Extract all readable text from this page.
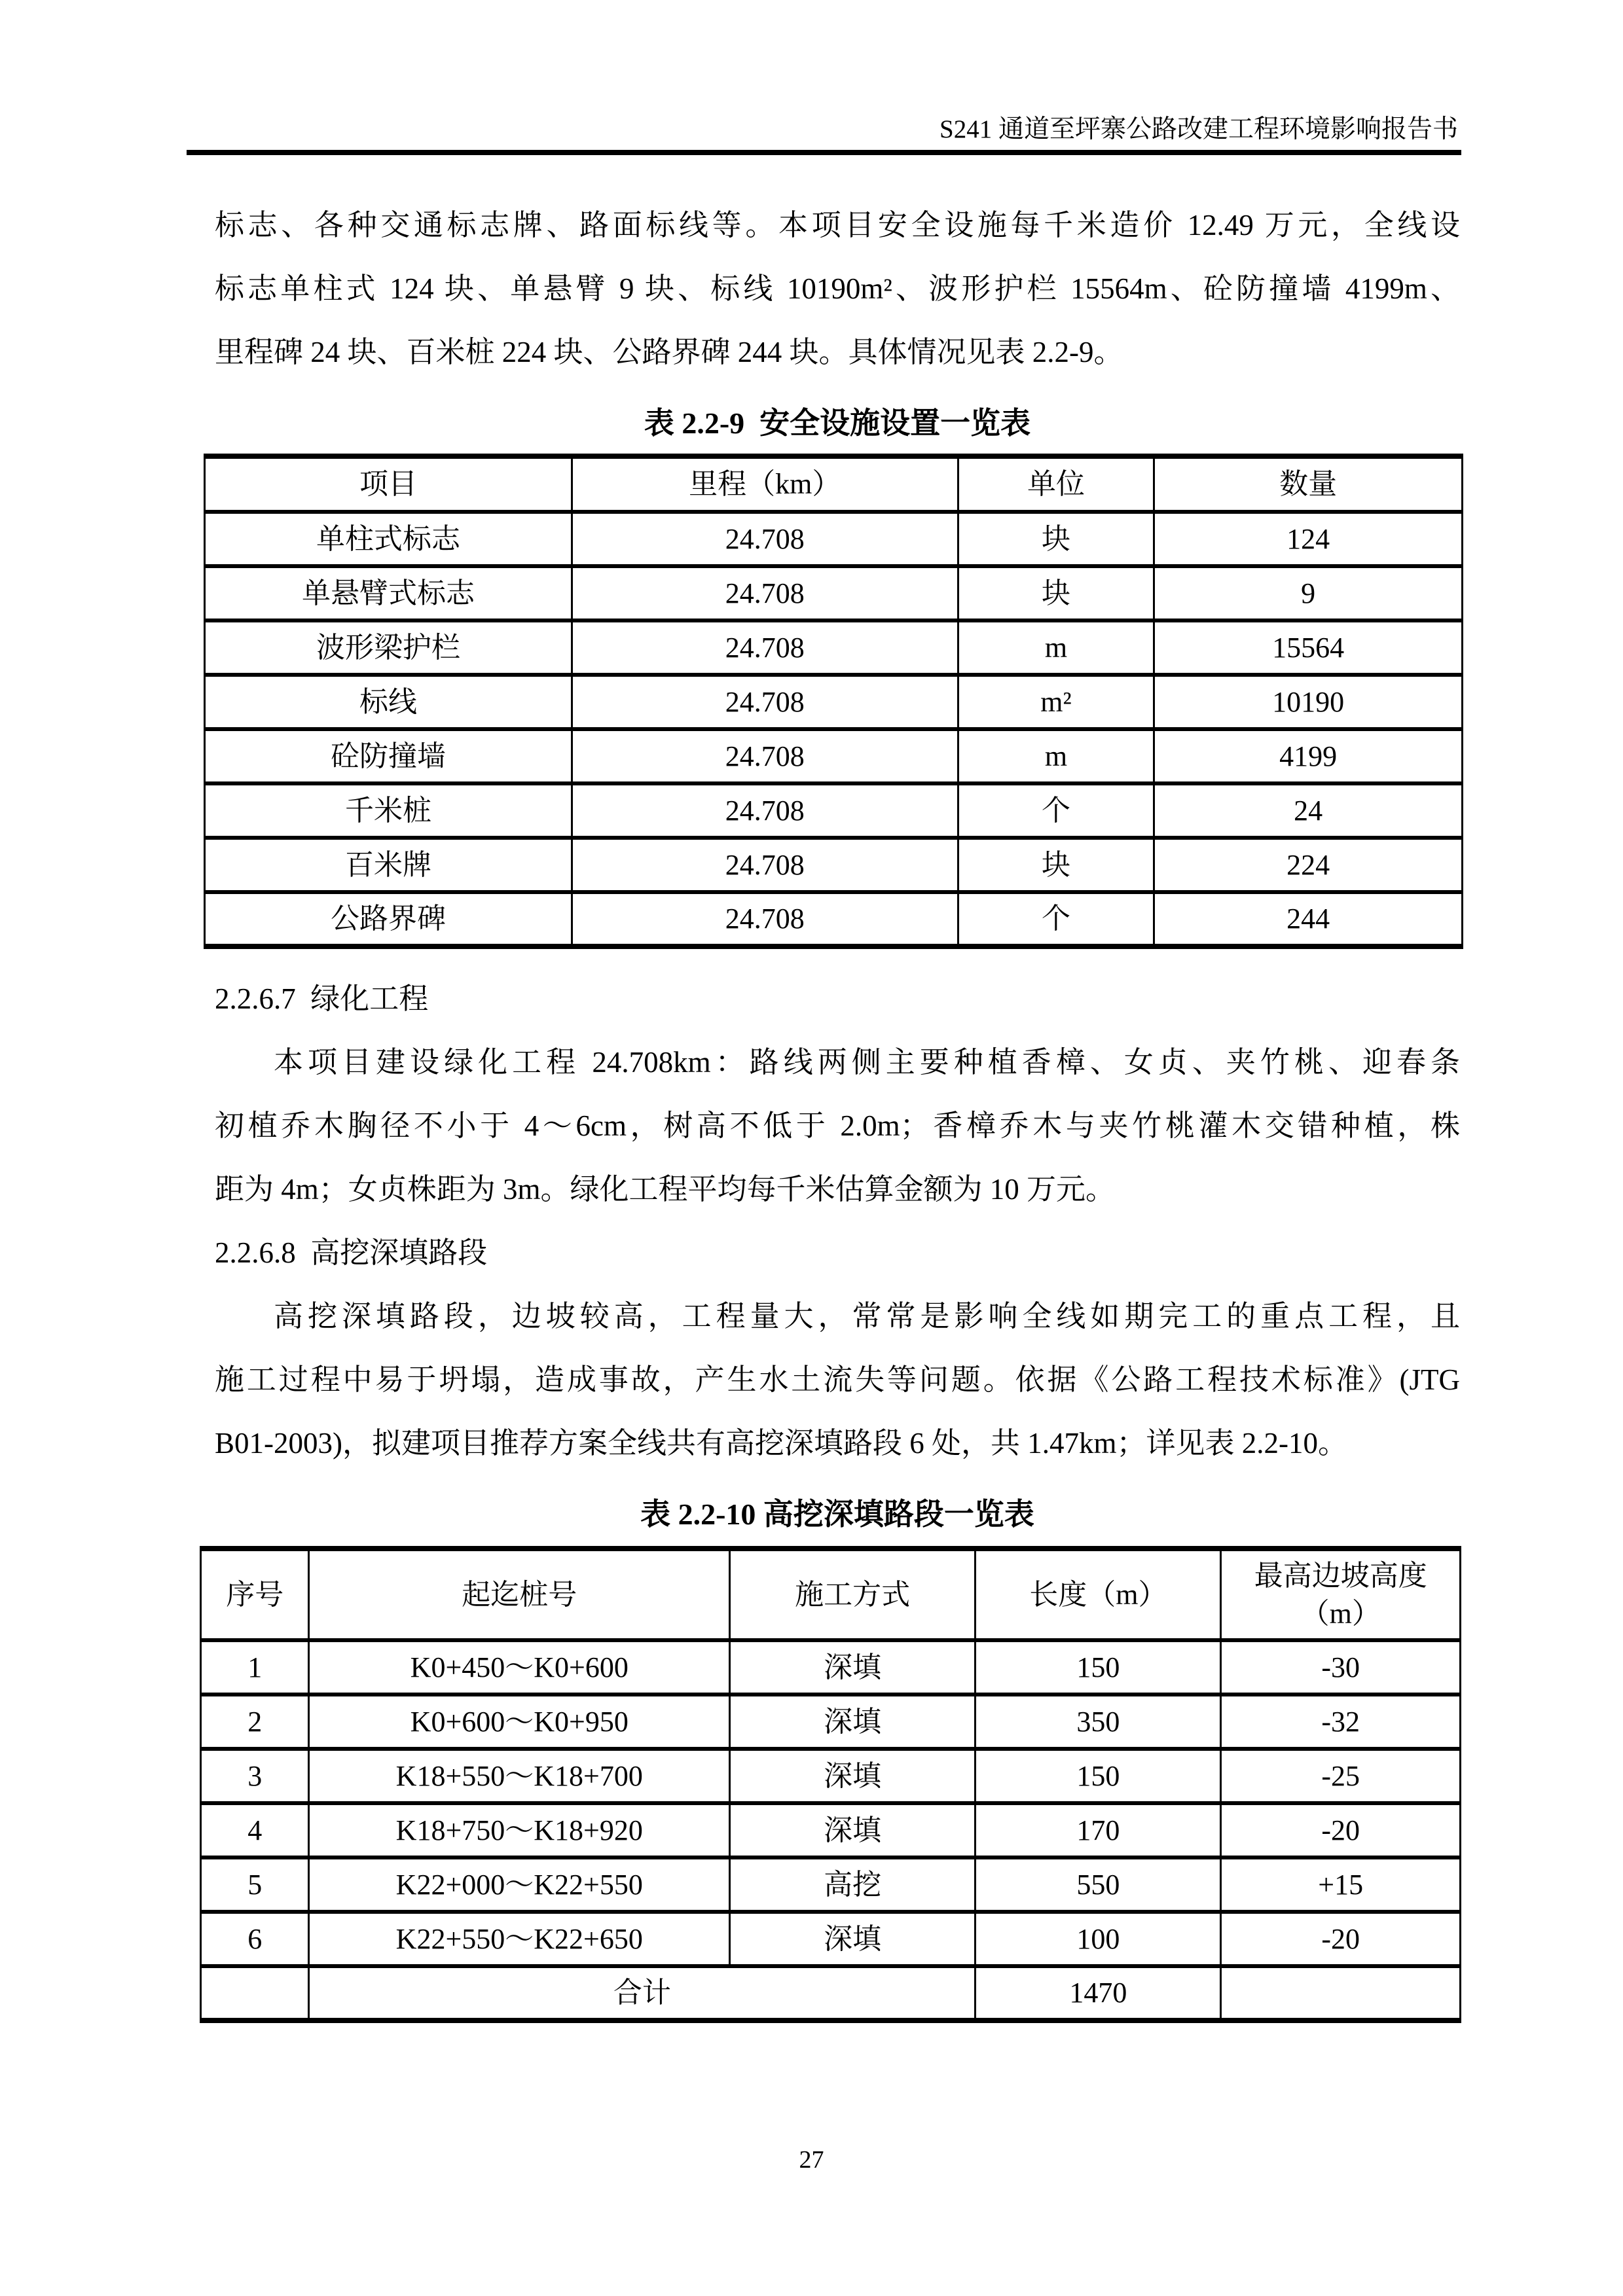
S241 通道至坪寨公路改建工程环境影响报告书
标志、各种交通标志牌、路面标线等。本项目安全设施每千米造价 12.49 万元，全线设
标志单柱式 124 块、单悬臂 9 块、标线 10190m²、波形护栏 15564m、砼防撞墙 4199m、
里程碑 24 块、百米桩 224 块、公路界碑 244 块。具体情况见表 2.2-9。
表 2.2-9  安全设施设置一览表
项目	里程（km）	单位	数量
单柱式标志	24.708	块	124
单悬臂式标志	24.708	块	9
波形梁护栏	24.708	m	15564
标线	24.708	m²	10190
砼防撞墙	24.708	m	4199
千米桩	24.708	个	24
百米牌	24.708	块	224
公路界碑	24.708	个	244
2.2.6.7  绿化工程
本项目建设绿化工程 24.708km：路线两侧主要种植香樟、女贞、夹竹桃、迎春条
初植乔木胸径不小于 4～6cm，树高不低于 2.0m；香樟乔木与夹竹桃灌木交错种植，株
距为 4m；女贞株距为 3m。绿化工程平均每千米估算金额为 10 万元。
2.2.6.8  高挖深填路段
高挖深填路段，边坡较高，工程量大，常常是影响全线如期完工的重点工程，且
施工过程中易于坍塌，造成事故，产生水土流失等问题。依据《公路工程技术标准》(JTG
B01-2003)，拟建项目推荐方案全线共有高挖深填路段 6 处，共 1.47km；详见表 2.2-10。
表 2.2-10 高挖深填路段一览表
序号	起迄桩号	施工方式	长度（m）	最高边坡高度
（m）
1	K0+450～K0+600	深填	150	-30
2	K0+600～K0+950	深填	350	-32
3	K18+550～K18+700	深填	150	-25
4	K18+750～K18+920	深填	170	-20
5	K22+000～K22+550	高挖	550	+15
6	K22+550～K22+650	深填	100	-20
	合计		1470	
27
